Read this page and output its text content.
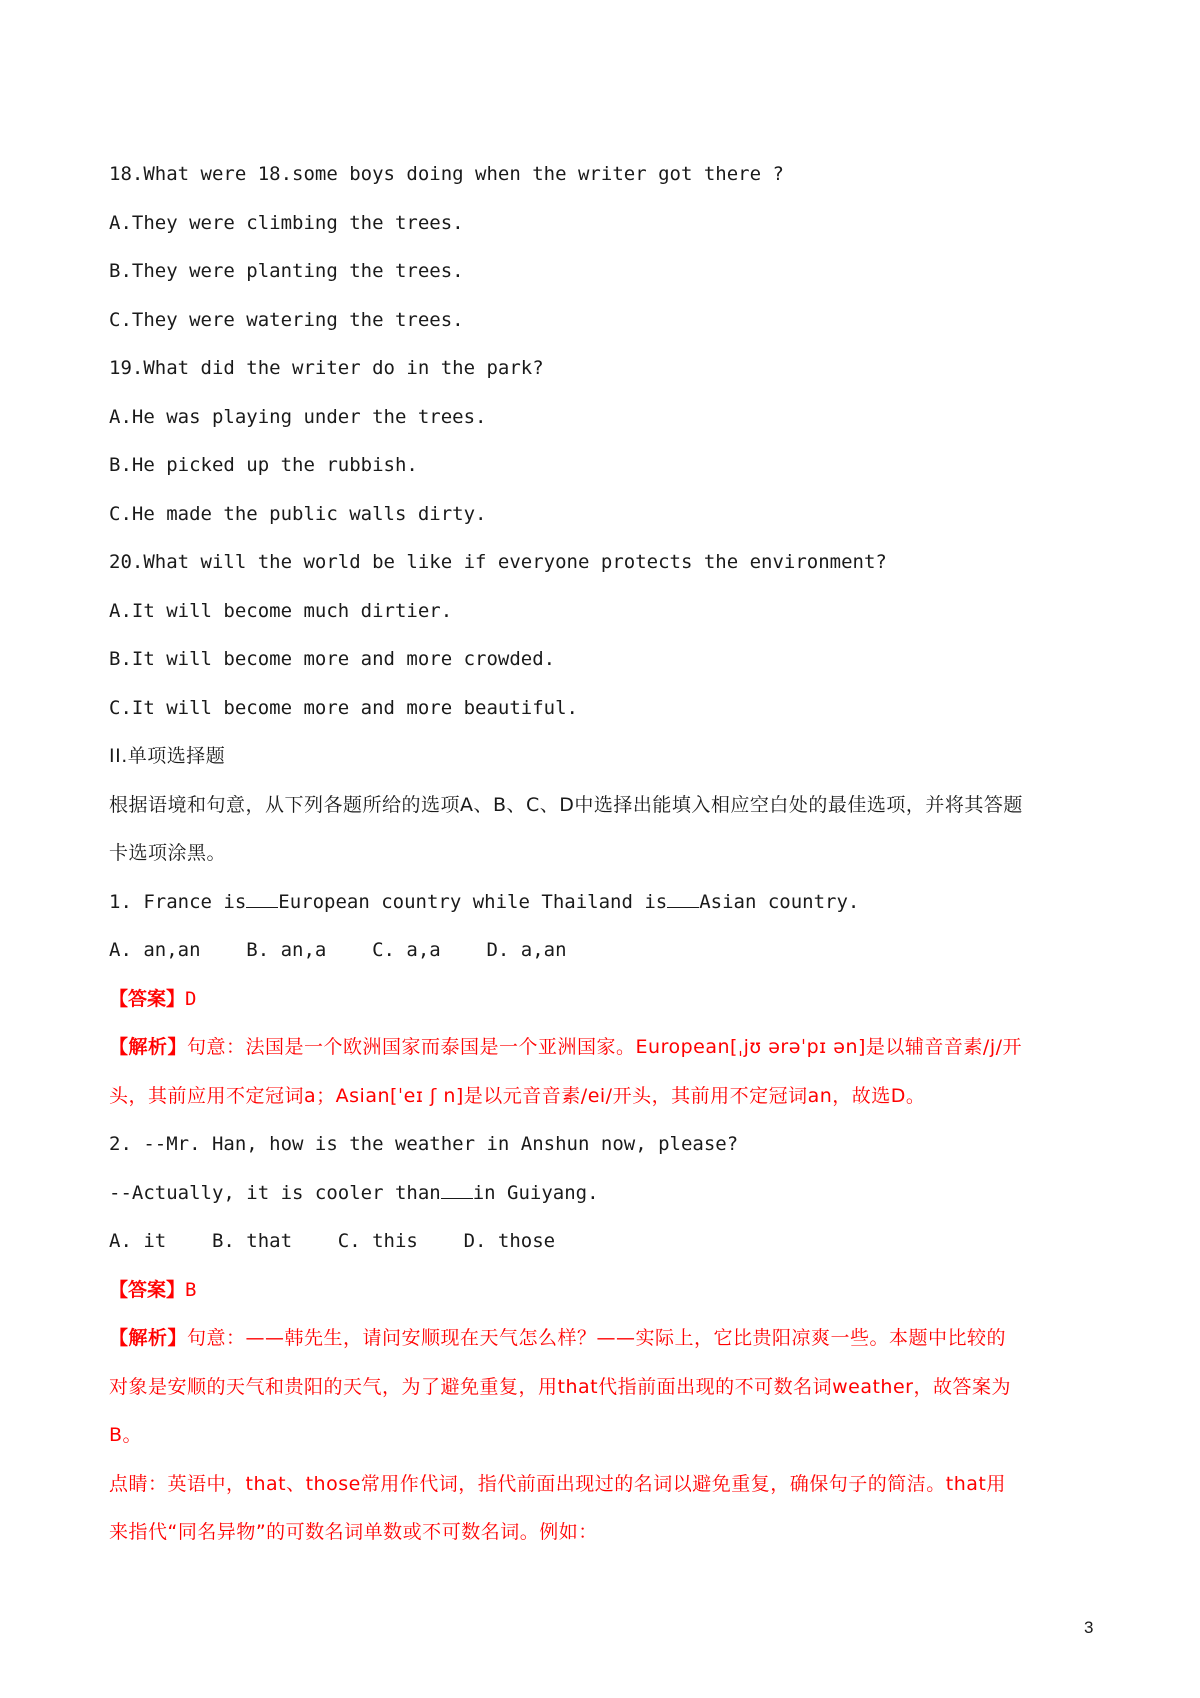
18.What were 18.some boys doing when the writer got there ?
A.They were climbing the trees.
B.They were planting the trees.
C.They were watering the trees.
19.What did the writer do in the park?
A.He was playing under the trees.
B.He picked up the rubbish.
C.He made the public walls dirty.
20.What will the world be like if everyone protects the environment?
A.It will become much dirtier.
B.It will become more and more crowded.
C.It will become more and more beautiful.
II.单项选择题
根据语境和句意，从下列各题所给的选项A、B、C、D中选择出能填入相应空白处的最佳选项，并将其答题
卡选项涂黑。
1. France is European country while Thailand is Asian country.
A. an,an    B. an,a    C. a,a    D. a,an
【答案】D
【解析】句意：法国是一个欧洲国家而泰国是一个亚洲国家。European[ˌjʊ ərəˈpɪ ən]是以辅音音素/j/开
头，其前应用不定冠词a；Asian[ˈeɪ ʃ n]是以元音音素/ei/开头，其前用不定冠词an，故选D。
2. --Mr. Han, how is the weather in Anshun now, please?
--Actually, it is cooler than in Guiyang.
A. it    B. that    C. this    D. those
【答案】B
【解析】句意：——韩先生，请问安顺现在天气怎么样？——实际上，它比贵阳凉爽一些。本题中比较的
对象是安顺的天气和贵阳的天气，为了避免重复，用that代指前面出现的不可数名词weather，故答案为
B。
点睛：英语中，that、those常用作代词，指代前面出现过的名词以避免重复，确保句子的简洁。that用
来指代“同名异物”的可数名词单数或不可数名词。例如：
3
